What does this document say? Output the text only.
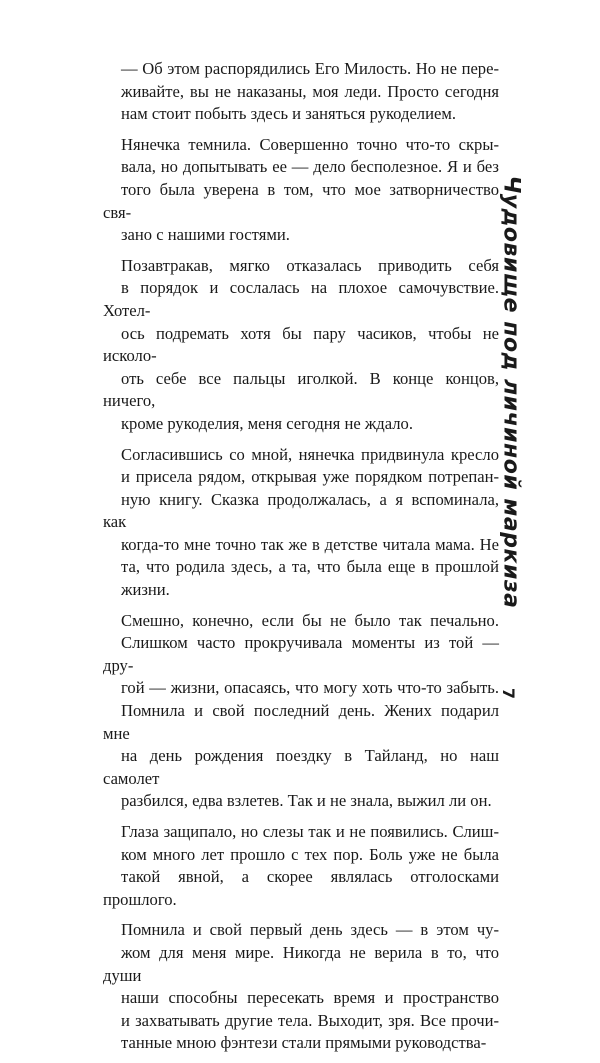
— Об этом распорядились Его Милость. Но не пере-
живайте, вы не наказаны, моя леди. Просто сегодня
нам стоит побыть здесь и заняться рукоделием.

Нянечка темнила. Совершенно точно что-то скры-
вала, но допытывать ее — дело бесполезное. Я и без
того была уверена в том, что мое затворничество свя-
зано с нашими гостями.

Позавтракав, мягко отказалась приводить себя
в порядок и сослалась на плохое самочувствие. Хотел-
ось подремать хотя бы пару часиков, чтобы не исколо-
оть себе все пальцы иголкой. В конце концов, ничего,
кроме рукоделия, меня сегодня не ждало.

Согласившись со мной, нянечка придвинула кресло
и присела рядом, открывая уже порядком потрепан-
ную книгу. Сказка продолжалась, а я вспоминала, как
когда-то мне точно так же в детстве читала мама. Не
та, что родила здесь, а та, что была еще в прошлой
жизни.

Смешно, конечно, если бы не было так печально.
Слишком часто прокручивала моменты из той — дру-
гой — жизни, опасаясь, что могу хоть что-то забыть.
Помнила и свой последний день. Жених подарил мне
на день рождения поездку в Тайланд, но наш самолет
разбился, едва взлетев. Так и не знала, выжил ли он.

Глаза защипало, но слезы так и не появились. Слиш-
ком много лет прошло с тех пор. Боль уже не была
такой явной, а скорее являлась отголосками прошлого.

Помнила и свой первый день здесь — в этом чу-
жом для меня мире. Никогда не верила в то, что души
наши способны пересекать время и пространство
и захватывать другие тела. Выходит, зря. Все прочи-
танные мною фэнтези стали прямыми руководства-

Чудовище под личиной маркиза
7
